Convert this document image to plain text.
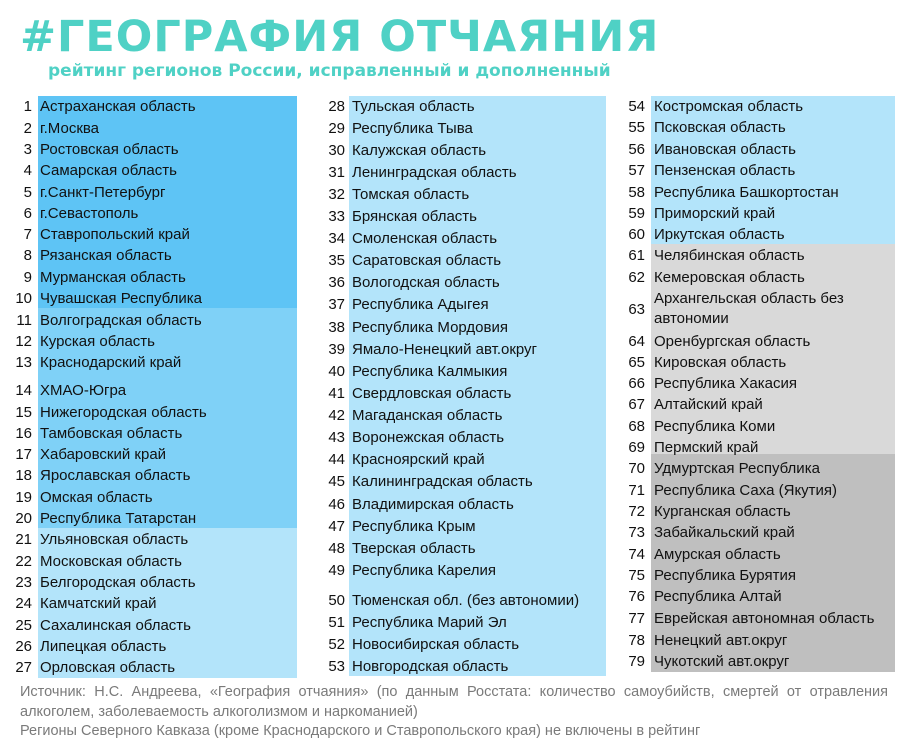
#ГЕОГРАФИЯ ОТЧАЯНИЯ
рейтинг регионов России, исправленный и дополненный
1 Астраханская область
2 г.Москва
3 Ростовская область
4 Самарская область
5 г.Санкт-Петербург
6 г.Севастополь
7 Ставропольский край
8 Рязанская область
9 Мурманская область
10 Чувашская Республика
11 Волгоградская область
12 Курская область
13 Краснодарский край
14 ХМАО-Югра
15 Нижегородская область
16 Тамбовская область
17 Хабаровский край
18 Ярославская область
19 Омская область
20 Республика Татарстан
21 Ульяновская область
22 Московская область
23 Белгородская область
24 Камчатский край
25 Сахалинская область
26 Липецкая область
27 Орловская область
28 Тульская область
29 Республика Тыва
30 Калужская область
31 Ленинградская область
32 Томская область
33 Брянская область
34 Смоленская область
35 Саратовская область
36 Вологодская область
37 Республика Адыгея
38 Республика Мордовия
39 Ямало-Ненецкий авт.округ
40 Республика Калмыкия
41 Свердловская область
42 Магаданская область
43 Воронежская область
44 Красноярский край
45 Калининградская область
46 Владимирская область
47 Республика Крым
48 Тверская область
49 Республика Карелия
50 Тюменская обл. (без автономии)
51 Республика Марий Эл
52 Новосибирская область
53 Новгородская область
54 Костромская область
55 Псковская область
56 Ивановская область
57 Пензенская область
58 Республика Башкортостан
59 Приморский край
60 Иркутская область
61 Челябинская область
62 Кемеровская область
63
Архангельская область без автономии
64 Оренбургская область
65 Кировская область
66 Республика Хакасия
67 Алтайский край
68 Республика Коми
69 Пермский край
70 Удмуртская Республика
71 Республика Саха (Якутия)
72 Курганская область
73 Забайкальский край
74 Амурская область
75 Республика Бурятия
76 Республика Алтай
77 Еврейская автономная область
78 Ненецкий авт.округ
79 Чукотский авт.округ
Источник: Н.С. Андреева, «География отчаяния» (по данным Росстата: количество самоубийств, смертей от отравления алкоголем, заболеваемость алкоголизмом и наркоманией)
Регионы Северного Кавказа (кроме Краснодарского и Ставропольского края) не включены в рейтинг
